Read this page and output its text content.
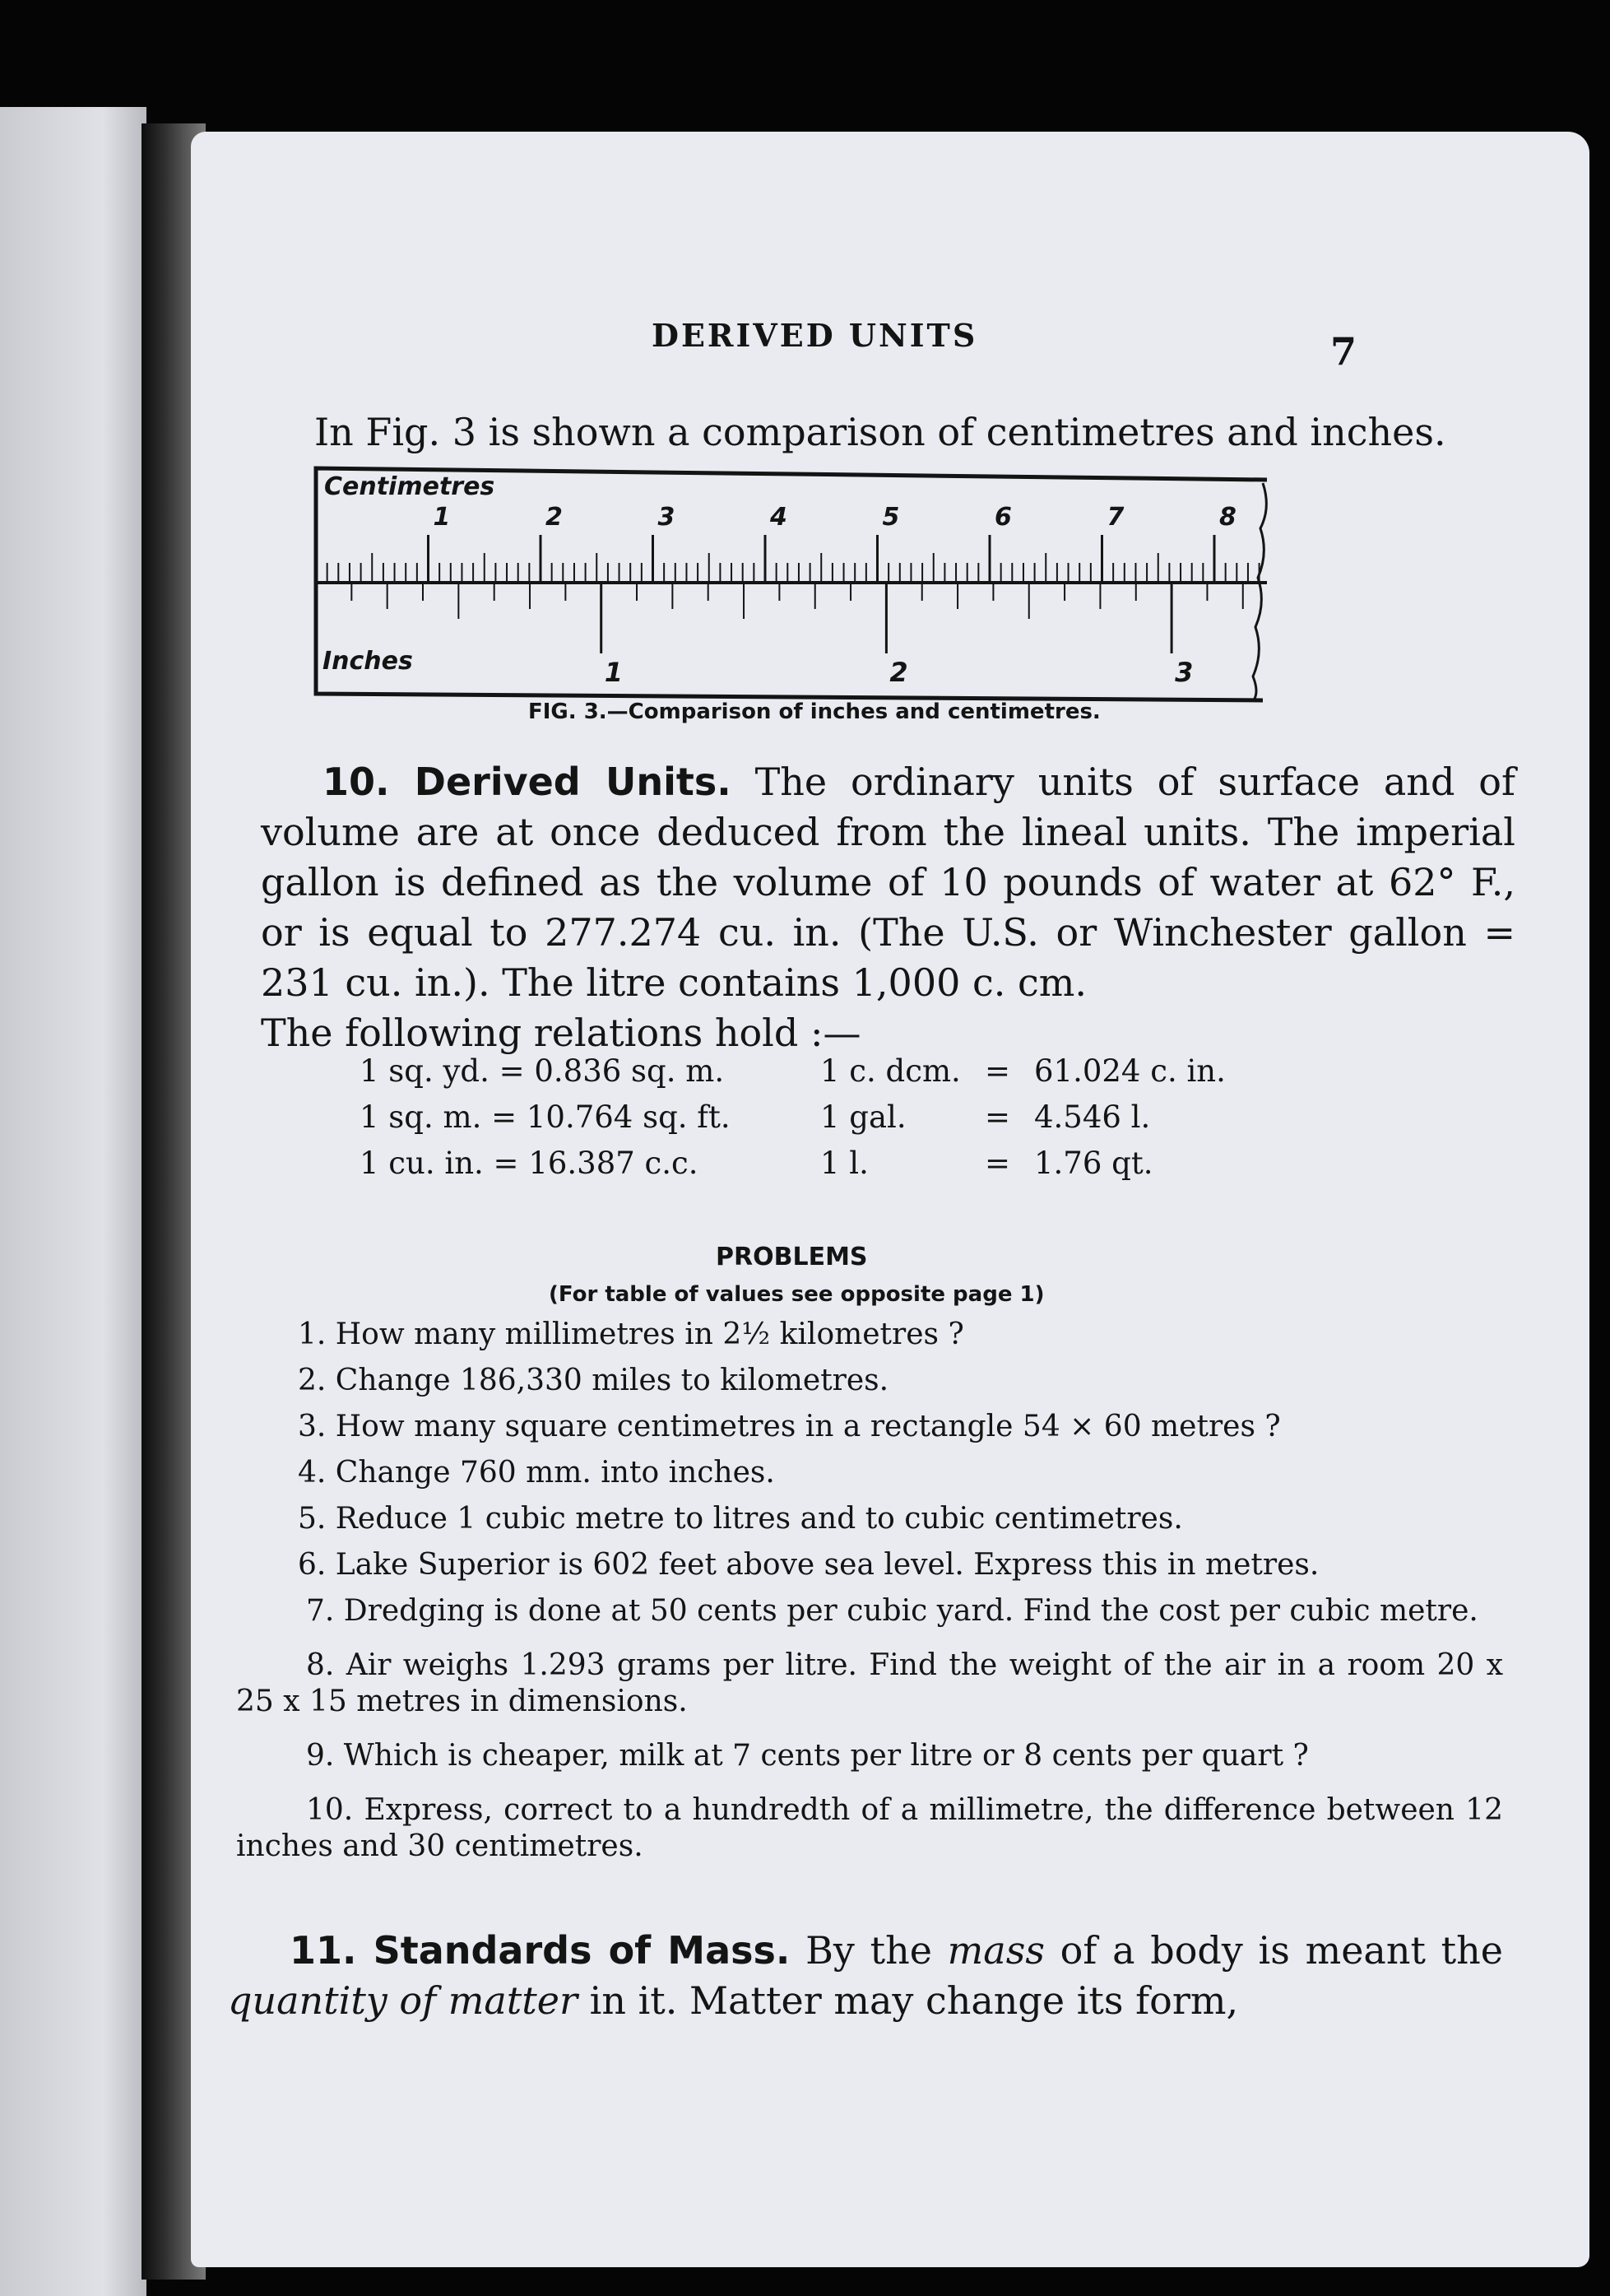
DERIVED UNITS	7
In Fig. 3 is shown a comparison of centimetres and inches.
1	2	3	4	5	6	7	8
1	2	3
Centimetres
Inches
FIG. 3.—Comparison of inches and centimetres.
10. Derived Units. The ordinary units of surface and of volume are at once deduced from the lineal units. The imperial gallon is defined as the volume of 10 pounds of water at 62° F., or is equal to 277.274 cu. in. (The U.S. or Winchester gallon = 231 cu. in.). The litre contains 1,000 c. cm.
The following relations hold :—
1 sq. yd. = 0.836 sq. m.	1 c. dcm. = 61.024 c. in.
1 sq. m. = 10.764 sq. ft.	1 gal.	= 4.546 l.
1 cu. in. = 16.387 c.c.	1 l.	= 1.76 qt.
PROBLEMS
(For table of values see opposite page 1)
1. How many millimetres in 2½ kilometres ?
2. Change 186,330 miles to kilometres.
3. How many square centimetres in a rectangle 54 × 60 metres ?
4. Change 760 mm. into inches.
5. Reduce 1 cubic metre to litres and to cubic centimetres.
6. Lake Superior is 602 feet above sea level. Express this in metres.
7. Dredging is done at 50 cents per cubic yard. Find the cost per cubic metre.
8. Air weighs 1.293 grams per litre. Find the weight of the air in a room 20 x 25 x 15 metres in dimensions.
9. Which is cheaper, milk at 7 cents per litre or 8 cents per quart ?
10. Express, correct to a hundredth of a millimetre, the difference between 12 inches and 30 centimetres.
11. Standards of Mass. By the mass of a body is meant the quantity of matter in it. Matter may change its form,
